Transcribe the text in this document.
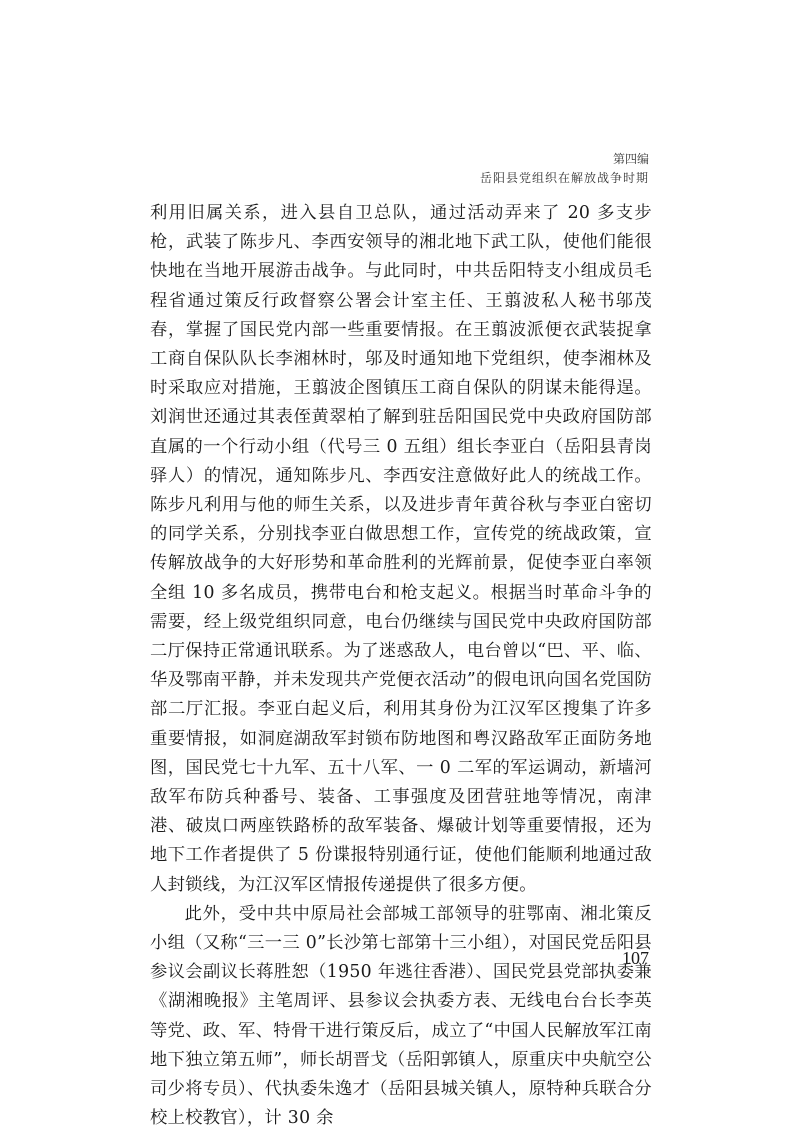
第四编
岳阳县党组织在解放战争时期

利用旧属关系，进入县自卫总队，通过活动弄来了 20 多支步枪，武装了陈步凡、李西安领导的湘北地下武工队，使他们能很快地在当地开展游击战争。与此同时，中共岳阳特支小组成员毛程省通过策反行政督察公署会计室主任、王翦波私人秘书邬茂春，掌握了国民党内部一些重要情报。在王翦波派便衣武装捉拿工商自保队队长李湘林时，邬及时通知地下党组织，使李湘林及时采取应对措施，王翦波企图镇压工商自保队的阴谋未能得逞。刘润世还通过其表侄黄翠柏了解到驻岳阳国民党中央政府国防部直属的一个行动小组（代号三 0 五组）组长李亚白（岳阳县青岗驿人）的情况，通知陈步凡、李西安注意做好此人的统战工作。陈步凡利用与他的师生关系，以及进步青年黄谷秋与李亚白密切的同学关系，分别找李亚白做思想工作，宣传党的统战政策，宣传解放战争的大好形势和革命胜利的光辉前景，促使李亚白率领全组 10 多名成员，携带电台和枪支起义。根据当时革命斗争的需要，经上级党组织同意，电台仍继续与国民党中央政府国防部二厅保持正常通讯联系。为了迷惑敌人，电台曾以“巴、平、临、华及鄂南平静，并未发现共产党便衣活动”的假电讯向国名党国防部二厅汇报。李亚白起义后，利用其身份为江汉军区搜集了许多重要情报，如洞庭湖敌军封锁布防地图和粤汉路敌军正面防务地图，国民党七十九军、五十八军、一 0 二军的军运调动，新墙河敌军布防兵种番号、装备、工事强度及团营驻地等情况，南津港、破岚口两座铁路桥的敌军装备、爆破计划等重要情报，还为地下工作者提供了 5 份谍报特别通行证，使他们能顺利地通过敌人封锁线，为江汉军区情报传递提供了很多方便。

此外，受中共中原局社会部城工部领导的驻鄂南、湘北策反小组（又称“三一三 0”长沙第七部第十三小组），对国民党岳阳县参议会副议长蒋胜恕（1950 年逃往香港）、国民党县党部执委兼《湖湘晚报》主笔周评、县参议会执委方表、无线电台台长李英等党、政、军、特骨干进行策反后，成立了“中国人民解放军江南地下独立第五师”，师长胡晋戈（岳阳郭镇人，原重庆中央航空公司少将专员）、代执委朱逸才（岳阳县城关镇人，原特种兵联合分校上校教官），计 30 余

107
